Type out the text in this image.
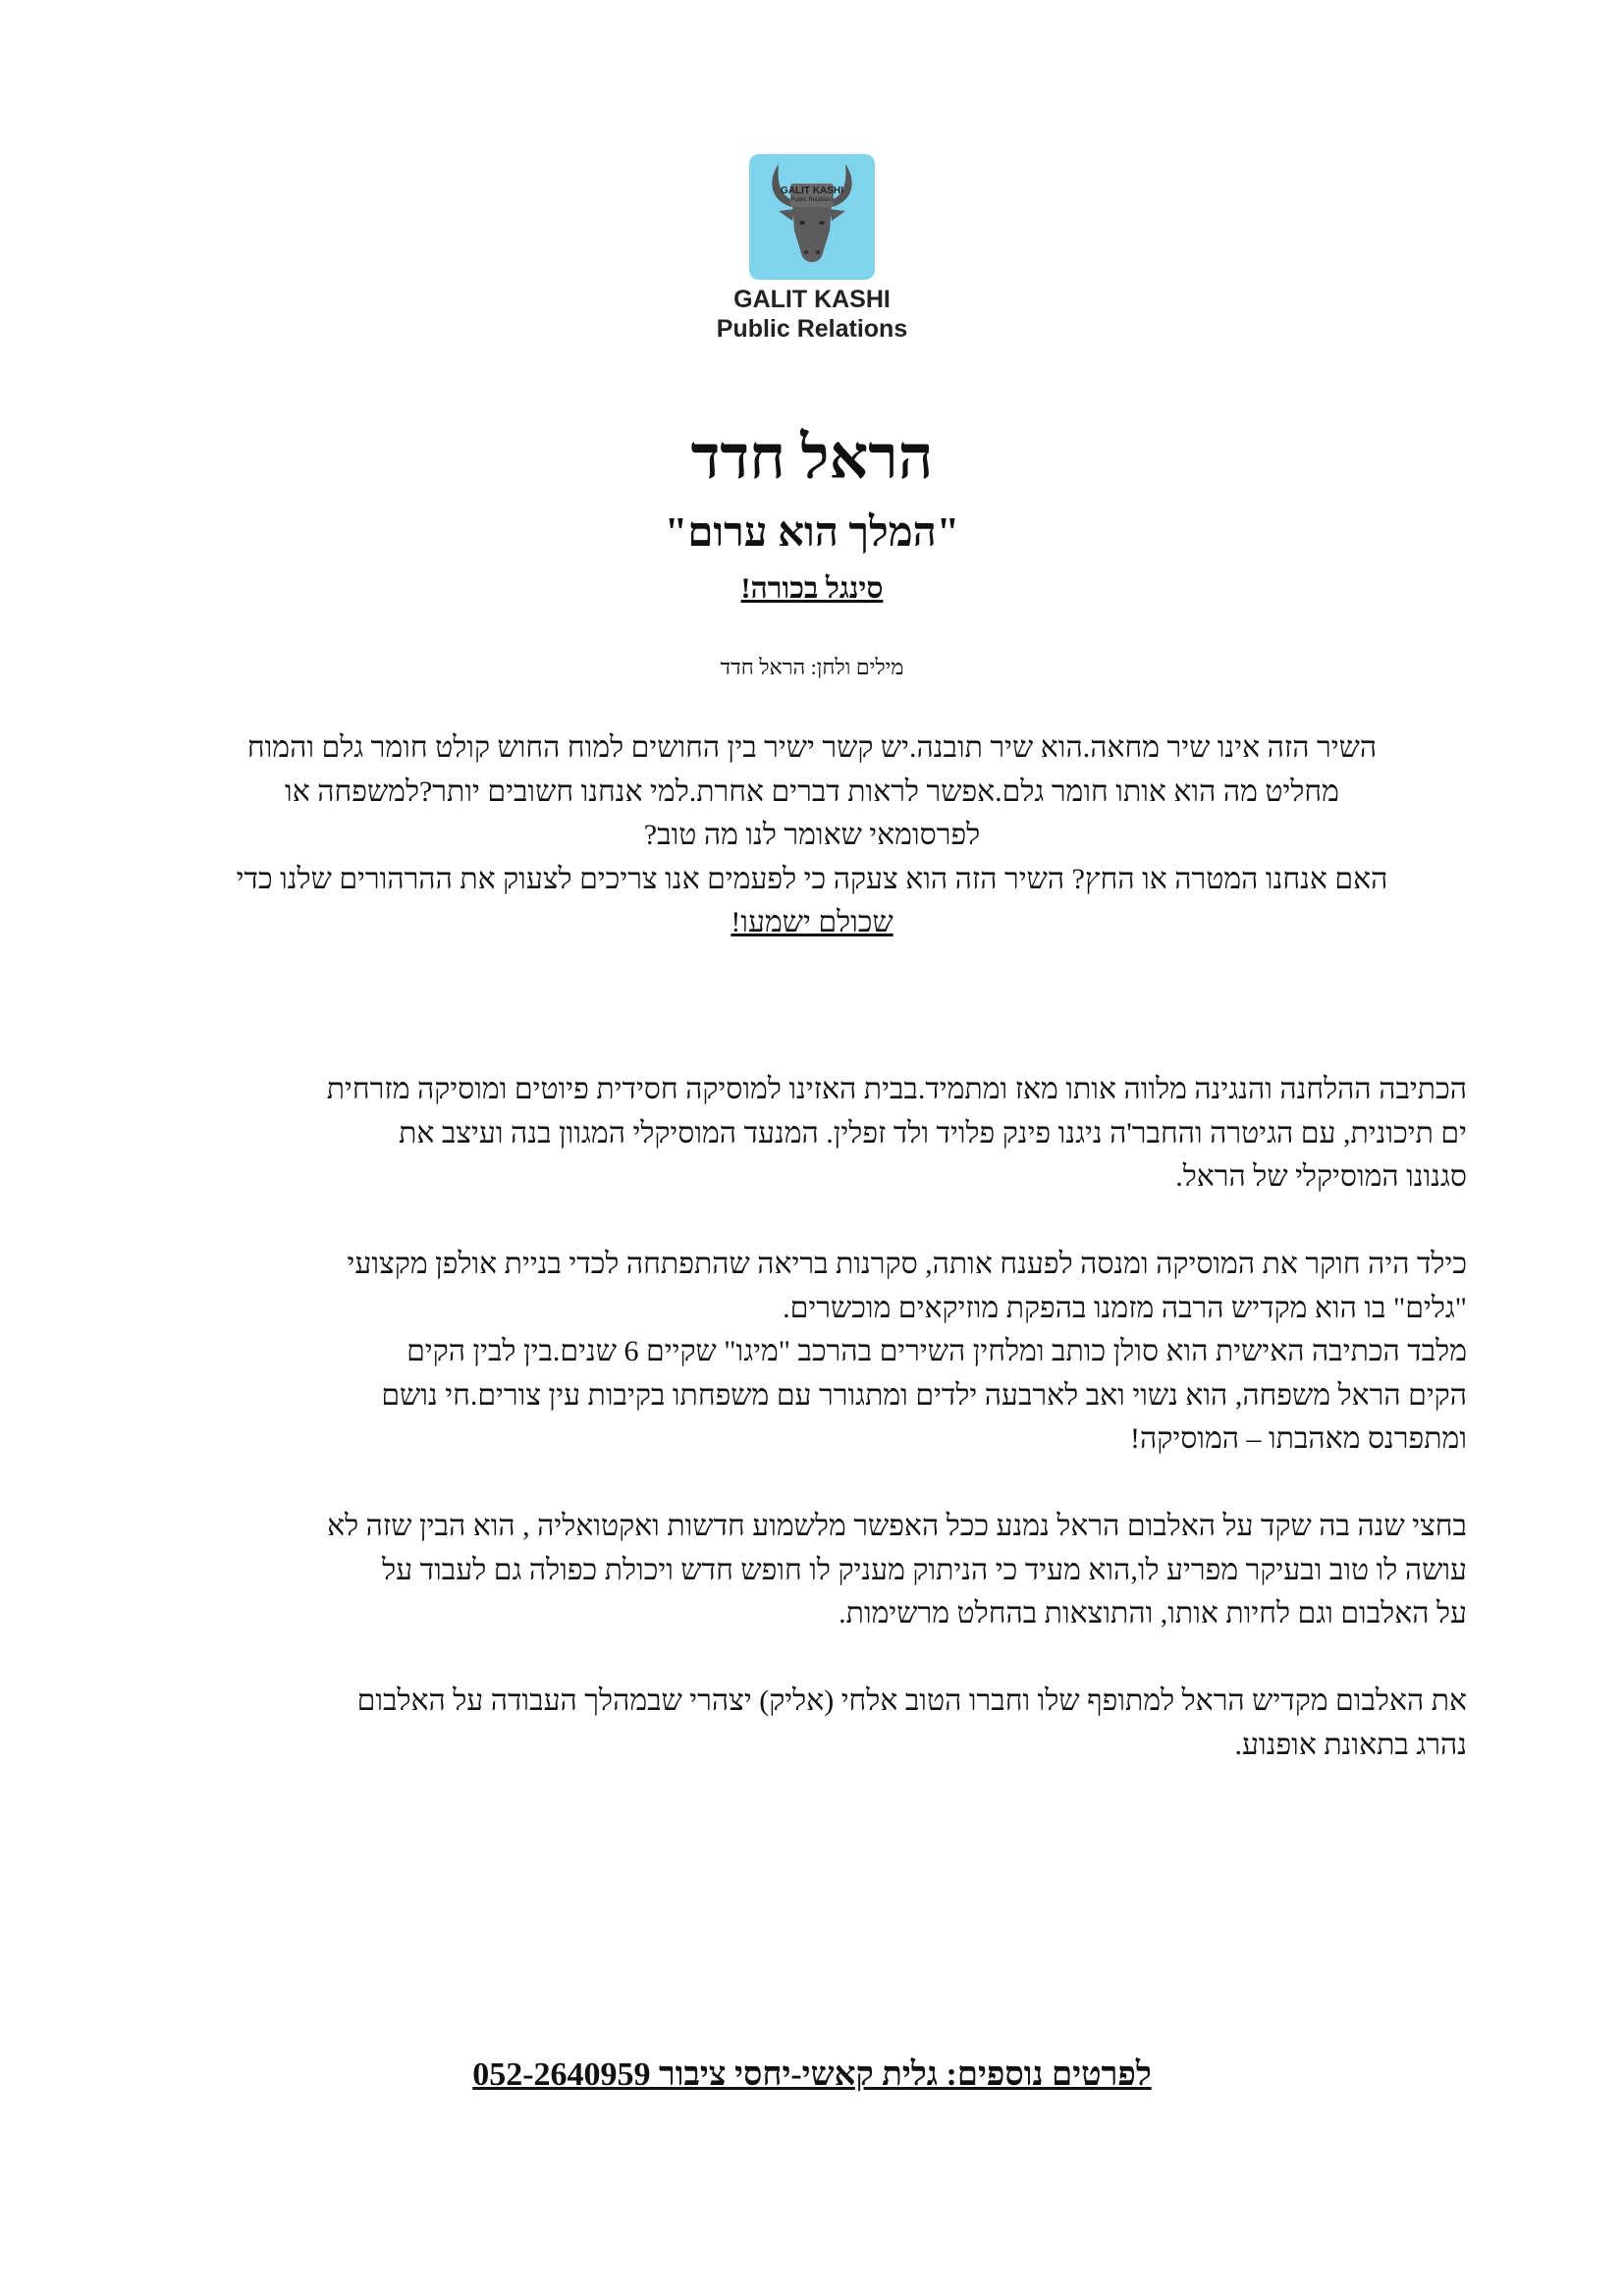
GALIT KASHI
Public Relations
GALIT KASHI
Public Relations
הראל חדד
"המלך הוא ערום"
סינגל בכורה!
מילים ולחן: הראל חדד

השיר הזה אינו שיר מחאה.הוא שיר תובנה.יש קשר ישיר בין החושים למוח החוש קולט חומר גלם והמוח

מחליט מה הוא אותו חומר גלם.אפשר לראות דברים אחרת.למי אנחנו חשובים יותר?למשפחה או

לפרסומאי שאומר לנו מה טוב?

האם אנחנו המטרה או החץ? השיר הזה הוא צעקה כי לפעמים אנו צריכים לצעוק את ההרהורים שלנו כדי

שכולם ישמעו!

הכתיבה ההלחנה והנגינה מלווה אותו מאז ומתמיד.בבית האזינו למוסיקה חסידית פיוטים ומוסיקה מזרחית

ים תיכונית, עם הגיטרה והחבר'ה ניגנו פינק פלויד ולד זפלין. המנעד המוסיקלי המגוון בנה ועיצב את

סגנונו המוסיקלי של הראל.

כילד היה חוקר את המוסיקה ומנסה לפענח אותה, סקרנות בריאה שהתפתחה לכדי בניית אולפן מקצועי

"גלים" בו הוא מקדיש הרבה מזמנו בהפקת מוזיקאים מוכשרים.

מלבד הכתיבה האישית הוא סולן כותב ומלחין השירים בהרכב "מיגו" שקיים 6 שנים.בין לבין הקים

הקים הראל משפחה, הוא נשוי ואב לארבעה ילדים ומתגורר עם משפחתו בקיבות עין צורים.חי נושם

ומתפרנס מאהבתו – המוסיקה!

בחצי שנה בה שקד על האלבום הראל נמנע ככל האפשר מלשמוע חדשות ואקטואליה , הוא הבין שזה לא

עושה לו טוב ובעיקר מפריע לו,הוא מעיד כי הניתוק מעניק לו חופש חדש ויכולת כפולה גם לעבוד על

על האלבום וגם לחיות אותו, והתוצאות בהחלט מרשימות.

את האלבום מקדיש הראל למתופף שלו וחברו הטוב אלחי (אליק) יצהרי שבמהלך העבודה על האלבום

נהרג בתאונת אופנוע.

לפרטים נוספים: גלית קאשי-יחסי ציבור 052-2640959
